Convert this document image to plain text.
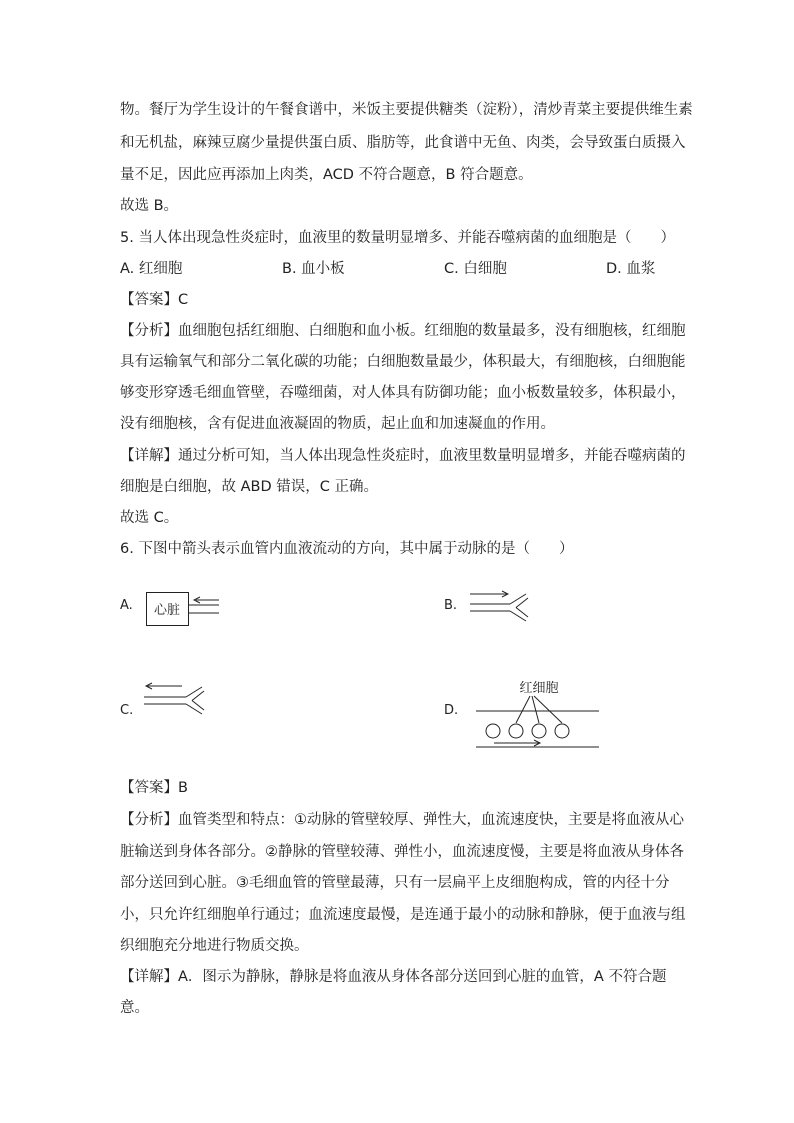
物。餐厅为学生设计的午餐食谱中，米饭主要提供糖类（淀粉），清炒青菜主要提供维生素
和无机盐，麻辣豆腐少量提供蛋白质、脂肪等，此食谱中无鱼、肉类，会导致蛋白质摄入
量不足，因此应再添加上肉类，ACD 不符合题意，B 符合题意。
故选 B。
5. 当人体出现急性炎症时，血液里的数量明显增多、并能吞噬病菌的血细胞是（　　）
A. 红细胞	B. 血小板	C. 白细胞	D. 血浆
【答案】C
【分析】血细胞包括红细胞、白细胞和血小板。红细胞的数量最多，没有细胞核，红细胞
具有运输氧气和部分二氧化碳的功能；白细胞数量最少，体积最大，有细胞核，白细胞能
够变形穿透毛细血管壁，吞噬细菌，对人体具有防御功能；血小板数量较多，体积最小，
没有细胞核，含有促进血液凝固的物质，起止血和加速凝血的作用。
【详解】通过分析可知，当人体出现急性炎症时，血液里数量明显增多，并能吞噬病菌的
细胞是白细胞，故 ABD 错误，C 正确。
故选 C。
6. 下图中箭头表示血管内血液流动的方向，其中属于动脉的是（　　）
A. 心脏	B.
C.	D.
红细胞
【答案】B
【分析】血管类型和特点：①动脉的管壁较厚、弹性大，血流速度快，主要是将血液从心
脏输送到身体各部分。②静脉的管壁较薄、弹性小，血流速度慢，主要是将血液从身体各
部分送回到心脏。③毛细血管的管壁最薄，只有一层扁平上皮细胞构成，管的内径十分
小，只允许红细胞单行通过；血流速度最慢，是连通于最小的动脉和静脉，便于血液与组
织细胞充分地进行物质交换。
【详解】A．图示为静脉，静脉是将血液从身体各部分送回到心脏的血管，A 不符合题
意。
